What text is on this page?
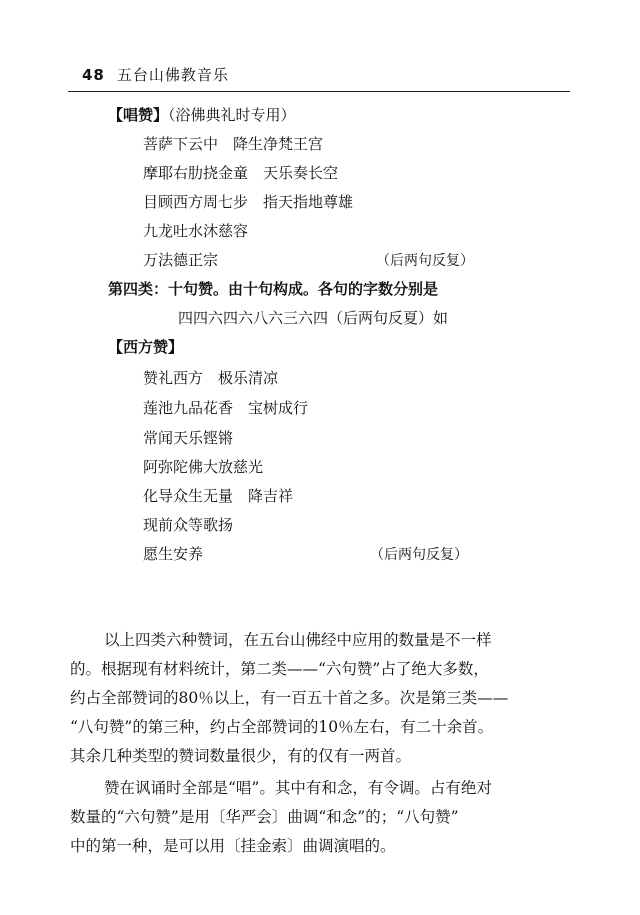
48 五台山佛教音乐
【唱赞】（浴佛典礼时专用）
菩萨下云中　降生净梵王宫
摩耶右肋挠金童　天乐奏长空
目顾西方周七步　指天指地尊雄
九龙吐水沐慈容
万法德正宗	（后两句反复）
第四类：十句赞。由十句构成。各句的字数分别是
四四六四六八六三六四（后两句反夏）如
【西方赞】
赞礼西方　极乐清凉
莲池九品花香　宝树成行
常闻天乐铿锵
阿弥陀佛大放慈光
化导众生无量　降吉祥
现前众等歌扬
愿生安养	（后两句反复）
以上四类六种赞词，在五台山佛经中应用的数量是不一样
的。根据现有材料统计，第二类——“六句赞”占了绝大多数，
约占全部赞词的80％以上，有一百五十首之多。次是第三类——
“八句赞”的第三种，约占全部赞词的10％左右，有二十余首。
其余几种类型的赞词数量很少，有的仅有一两首。
赞在讽诵时全部是“唱”。其中有和念，有令调。占有绝对
数量的“六句赞”是用〔华严会〕曲调“和念”的；“八句赞”
中的第一种，是可以用〔挂金索〕曲调演唱的。
